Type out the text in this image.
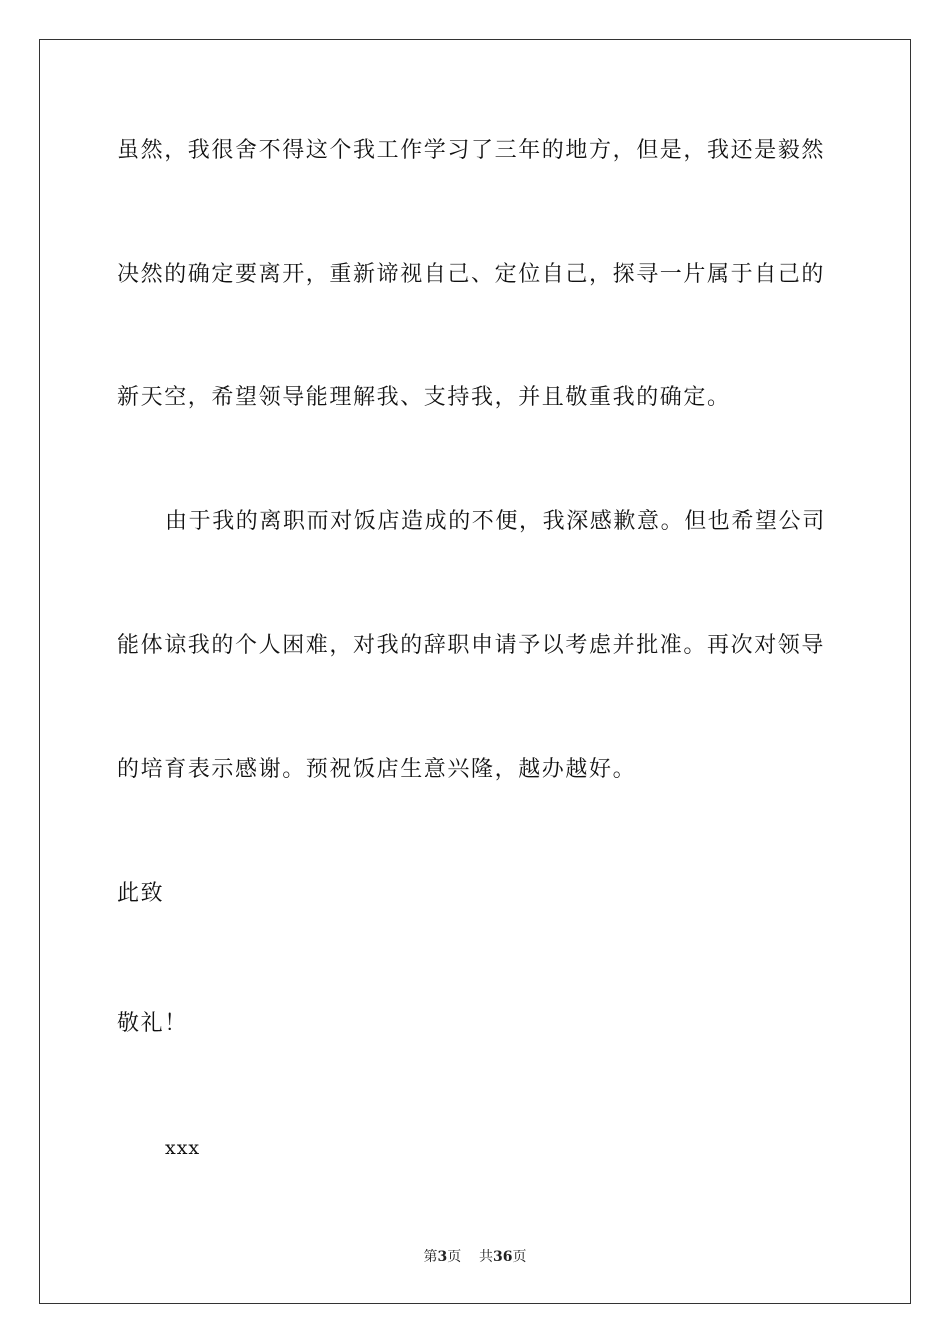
虽然，我很舍不得这个我工作学习了三年的地方，但是，我还是毅然
决然的确定要离开，重新谛视自己、定位自己，探寻一片属于自己的
新天空，希望领导能理解我、支持我，并且敬重我的确定。
由于我的离职而对饭店造成的不便，我深感歉意。但也希望公司
能体谅我的个人困难，对我的辞职申请予以考虑并批准。再次对领导
的培育表示感谢。预祝饭店生意兴隆，越办越好。
此致
敬礼！
xxx
第3页 共36页
